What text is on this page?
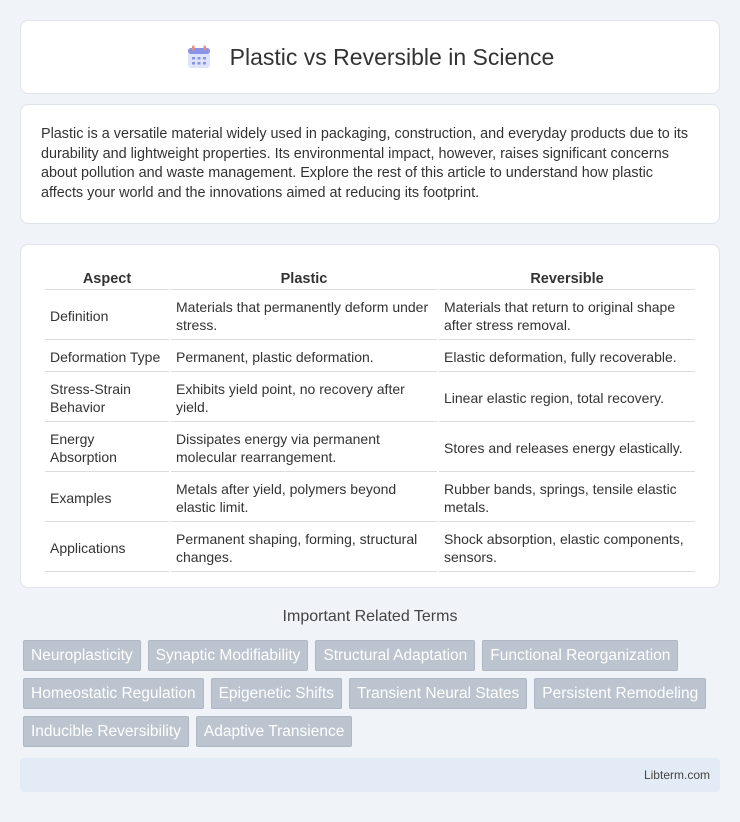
Plastic vs Reversible in Science

Plastic is a versatile material widely used in packaging, construction, and everyday products due to its durability and lightweight properties. Its environmental impact, however, raises significant concerns about pollution and waste management. Explore the rest of this article to understand how plastic affects your world and the innovations aimed at reducing its footprint.

Aspect	Plastic	Reversible
Definition	Materials that permanently deform under stress.	Materials that return to original shape after stress removal.
Deformation Type	Permanent, plastic deformation.	Elastic deformation, fully recoverable.
Stress-Strain Behavior	Exhibits yield point, no recovery after yield.	Linear elastic region, total recovery.
Energy Absorption	Dissipates energy via permanent molecular rearrangement.	Stores and releases energy elastically.
Examples	Metals after yield, polymers beyond elastic limit.	Rubber bands, springs, tensile elastic metals.
Applications	Permanent shaping, forming, structural changes.	Shock absorption, elastic components, sensors.
Important Related Terms
Neuroplasticity	Synaptic Modifiability	Structural Adaptation	Functional Reorganization
Homeostatic Regulation	Epigenetic Shifts	Transient Neural States	Persistent Remodeling
Inducible Reversibility	Adaptive Transience
Libterm.com
